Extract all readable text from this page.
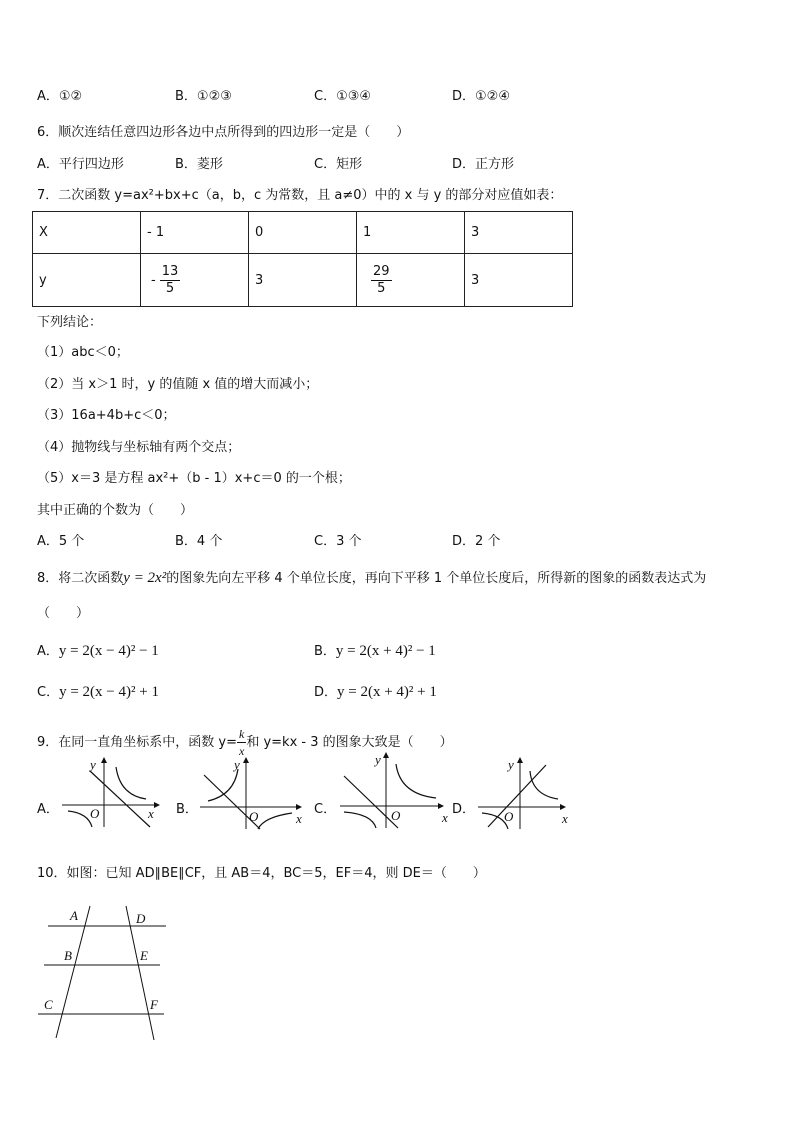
A．①②	B．①②③	C．①③④	D．①②④
6．顺次连结任意四边形各边中点所得到的四边形一定是（　　）
A．平行四边形	B．菱形	C．矩形	D．正方形
7．二次函数 y=ax²+bx+c（a，b，c 为常数，且 a≠0）中的 x 与 y 的部分对应值如表：
X	- 1	0	1	3
y	- $\frac{13}{5}$	3	$\frac{29}{5}$	3
下列结论：
（1）abc＜0；
（2）当 x＞1 时，y 的值随 x 值的增大而减小；
（3）16a+4b+c＜0；
（4）抛物线与坐标轴有两个交点；
（5）x＝3 是方程 ax²+（b - 1）x+c＝0 的一个根；
其中正确的个数为（　　）
A．5 个	B．4 个	C．3 个	D．2 个
8．将二次函数y = 2x²的图象先向左平移 4 个单位长度，再向下平移 1 个单位长度后，所得新的图象的函数表达式为
（　　）
A．y = 2(x − 4)² − 1	B．y = 2(x + 4)² − 1
C．y = 2(x − 4)² + 1	D．y = 2(x + 4)² + 1
9．在同一直角坐标系中，函数 $y= \frac{k}{x}$ 和 y=kx - 3 的图象大致是（　　）
A．
y
x
O	B．
y
x
O	C．
y
x
O	D．
y
x
O
10．如图：已知 AD∥BE∥CF，且 AB＝4，BC＝5，EF＝4，则 DE＝（　　）
A
B
C
D
E
F
